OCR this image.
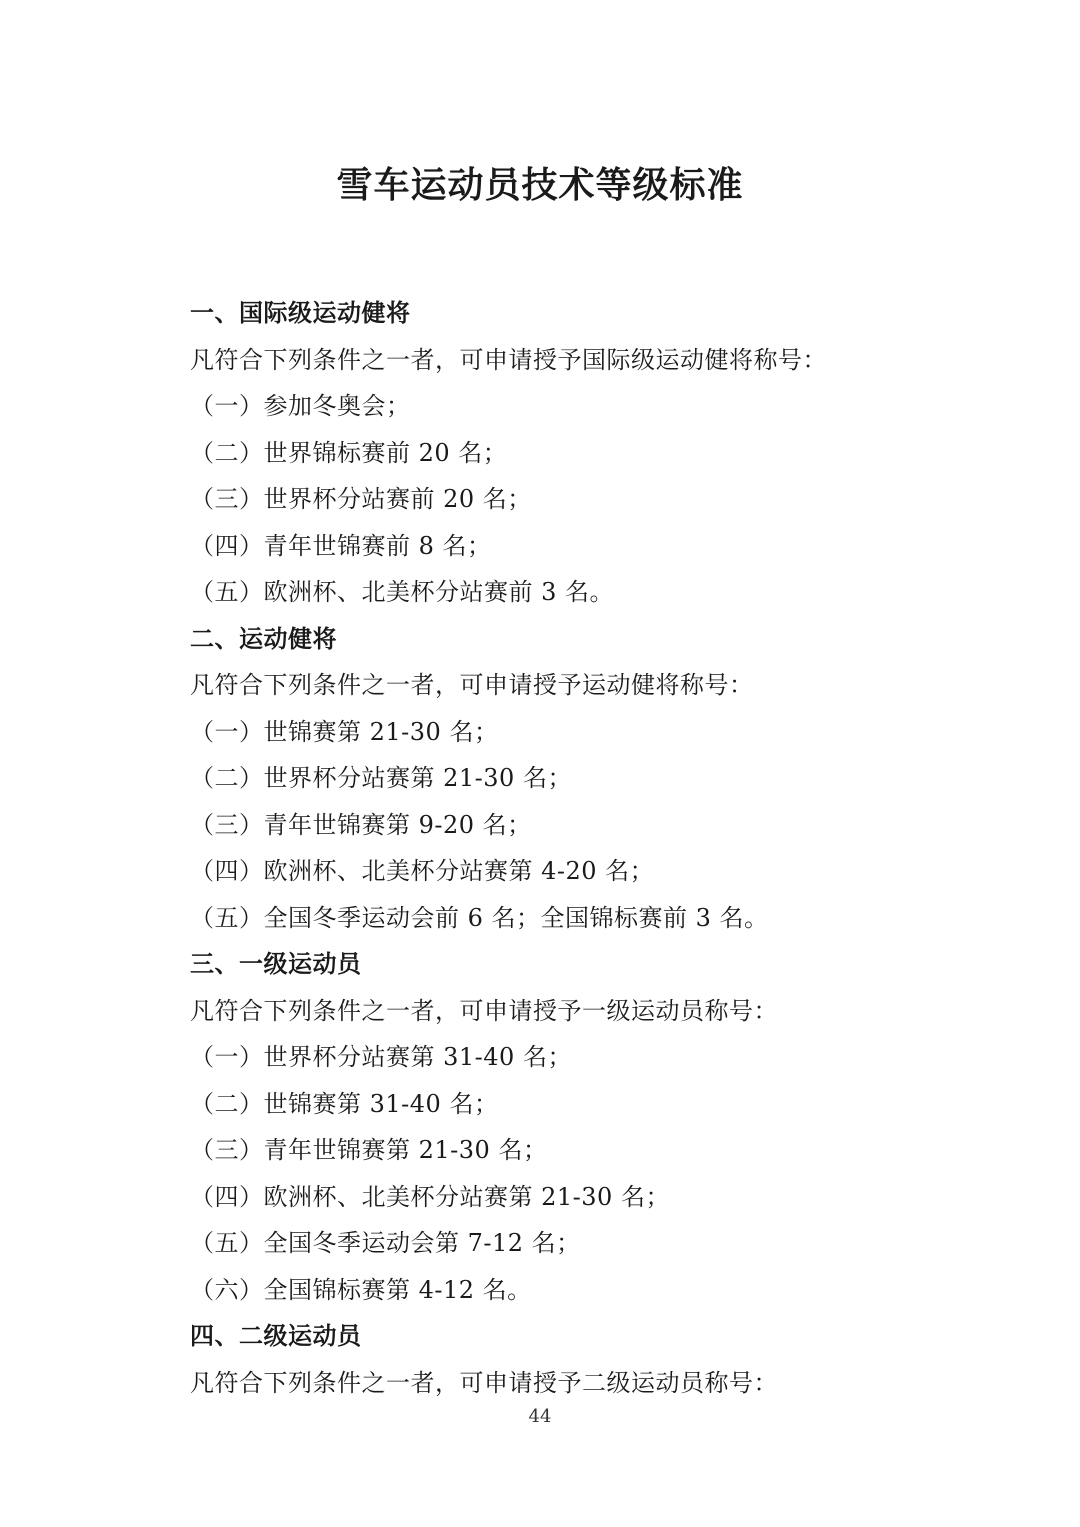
雪车运动员技术等级标准
一、国际级运动健将
凡符合下列条件之一者，可申请授予国际级运动健将称号：
（一）参加冬奥会；
（二）世界锦标赛前 20 名；
（三）世界杯分站赛前 20 名；
（四）青年世锦赛前 8 名；
（五）欧洲杯、北美杯分站赛前 3 名。
二、运动健将
凡符合下列条件之一者，可申请授予运动健将称号：
（一）世锦赛第 21-30 名；
（二）世界杯分站赛第 21-30 名；
（三）青年世锦赛第 9-20 名；
（四）欧洲杯、北美杯分站赛第 4-20 名；
（五）全国冬季运动会前 6 名；全国锦标赛前 3 名。
三、一级运动员
凡符合下列条件之一者，可申请授予一级运动员称号：
（一）世界杯分站赛第 31-40 名；
（二）世锦赛第 31-40 名；
（三）青年世锦赛第 21-30 名；
（四）欧洲杯、北美杯分站赛第 21-30 名；
（五）全国冬季运动会第 7-12 名；
（六）全国锦标赛第 4-12 名。
四、二级运动员
凡符合下列条件之一者，可申请授予二级运动员称号：
44
